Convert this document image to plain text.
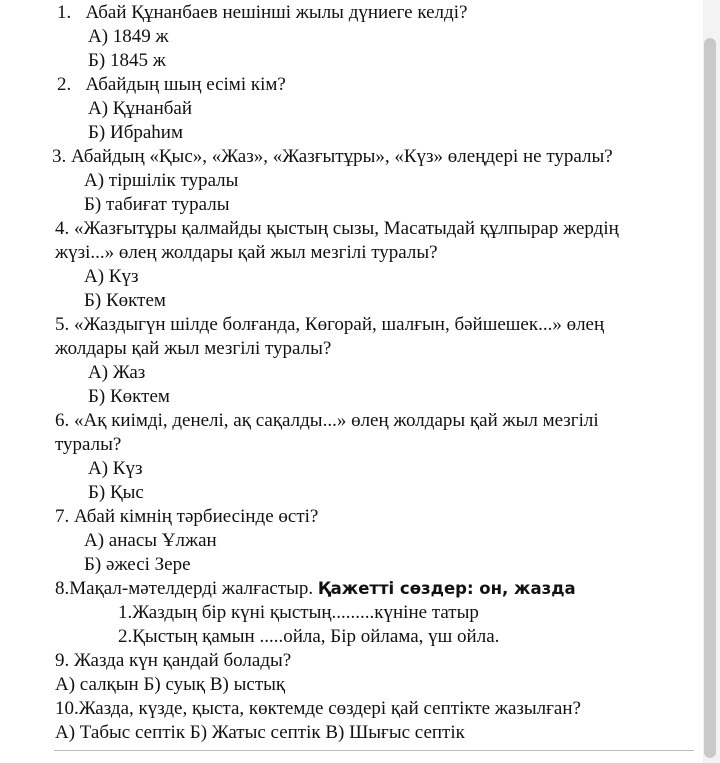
1.   Абай Құнанбаев нешінші жылы дүниеге келді?
А) 1849 ж
Б) 1845 ж
2.   Абайдың шың есімі кім?
А) Құнанбай
Б) Ибраһим
3. Абайдың «Қыс», «Жаз», «Жазғытұры», «Күз» өлеңдері не туралы?
А) тіршілік туралы
Б) табиғат туралы
4. «Жазғытұры қалмайды қыстың сызы, Масатыдай құлпырар жердің
жүзі...» өлең жолдары қай жыл мезгілі туралы?
А) Күз
Б) Көктем
5. «Жаздыгүн шілде болғанда, Көгорай, шалғын, бәйшешек...» өлең
жолдары қай жыл мезгілі туралы?
А) Жаз
Б) Көктем
6. «Ақ киімді, денелі, ақ сақалды...» өлең жолдары қай жыл мезгілі
туралы?
А) Күз
Б) Қыс
7. Абай кімнің тәрбиесінде өсті?
А) анасы Ұлжан
Б) әжесі Зере
8.Мақал-мәтелдерді жалғастыр. Қажетті сөздер: он, жазда
1.Жаздың бір күні қыстың.........күніне татыр
2.Қыстың қамын .....ойла, Бір ойлама, үш ойла.
9. Жазда күн қандай болады?
А) салқын Б) суық В) ыстық
10.Жазда, күзде, қыста, көктемде сөздері қай септікте жазылған?
А) Табыс септік Б) Жатыс септік В) Шығыс септік
